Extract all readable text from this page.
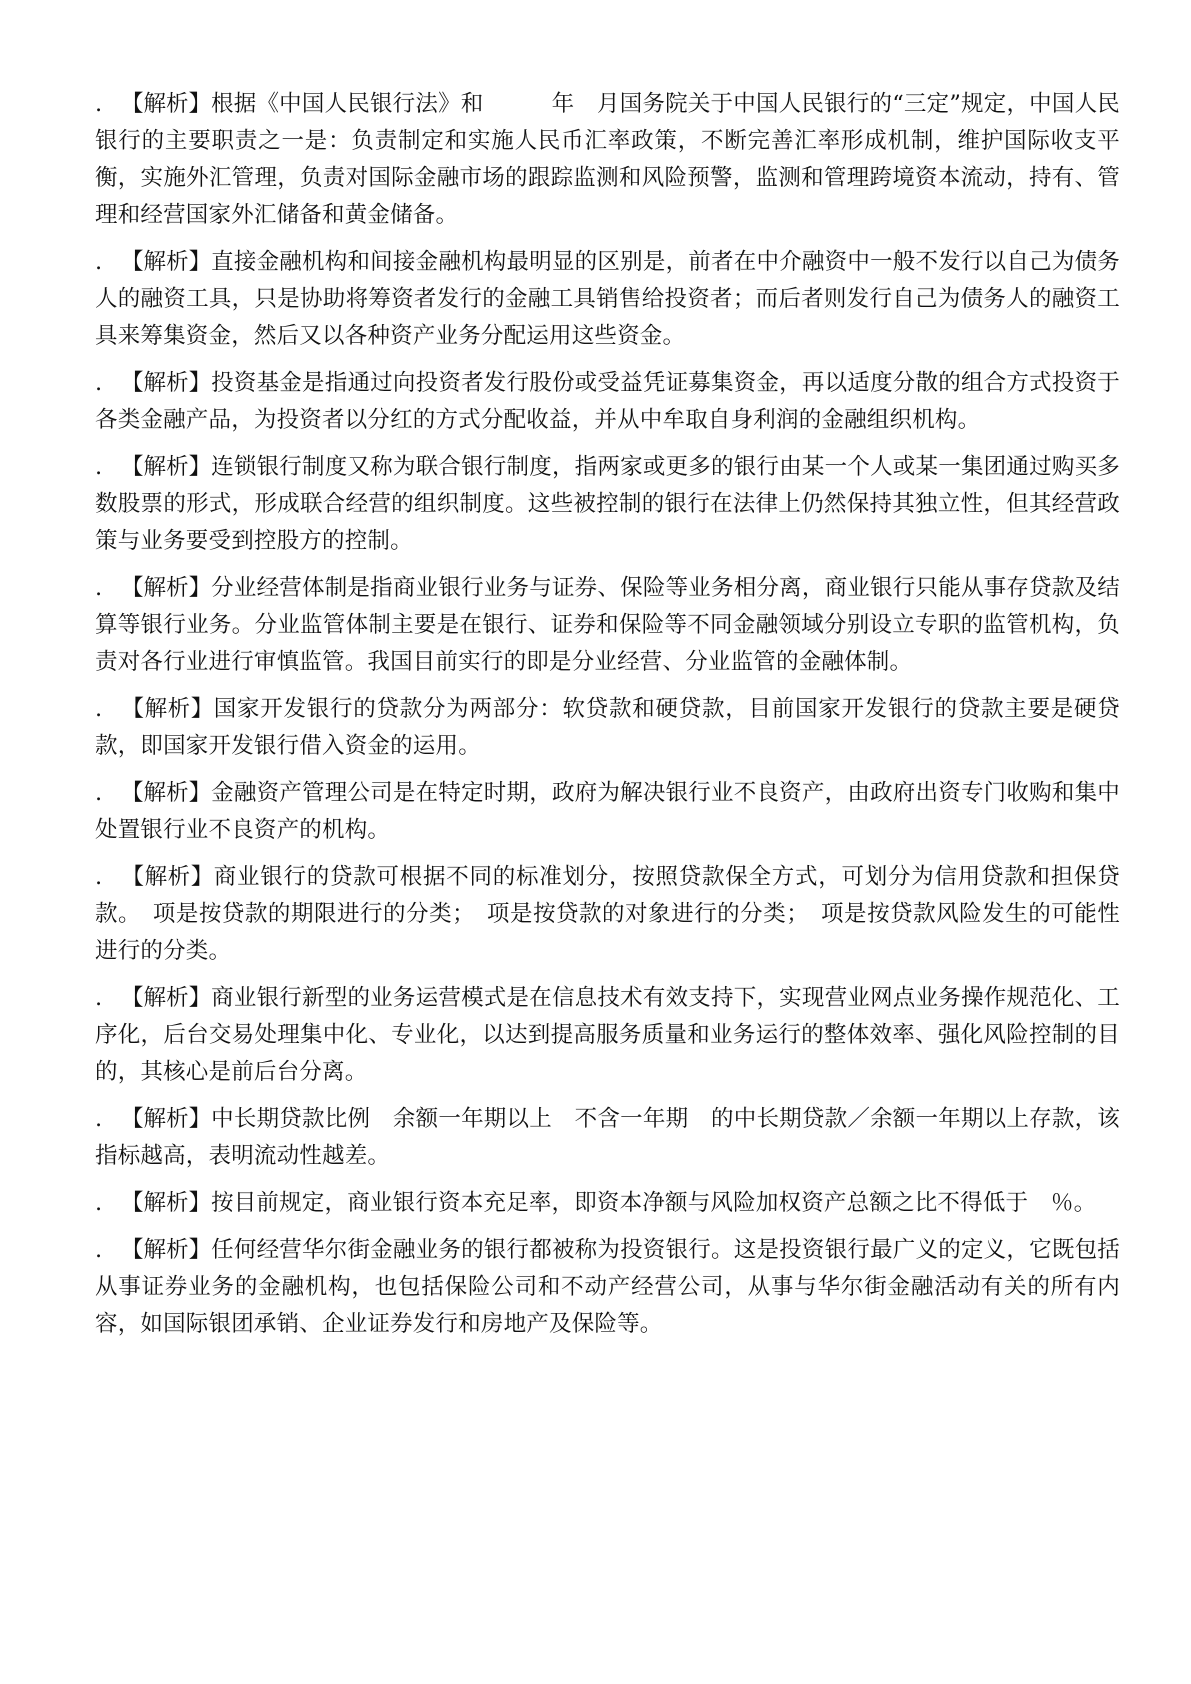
. 【解析】根据《中国人民银行法》和　　　年　月国务院关于中国人民银行的“三定”规定，中国人民银行的主要职责之一是：负责制定和实施人民币汇率政策，不断完善汇率形成机制，维护国际收支平衡，实施外汇管理，负责对国际金融市场的跟踪监测和风险预警，监测和管理跨境资本流动，持有、管理和经营国家外汇储备和黄金储备。

. 【解析】直接金融机构和间接金融机构最明显的区别是，前者在中介融资中一般不发行以自己为债务人的融资工具，只是协助将筹资者发行的金融工具销售给投资者；而后者则发行自己为债务人的融资工具来筹集资金，然后又以各种资产业务分配运用这些资金。

. 【解析】投资基金是指通过向投资者发行股份或受益凭证募集资金，再以适度分散的组合方式投资于各类金融产品，为投资者以分红的方式分配收益，并从中牟取自身利润的金融组织机构。

. 【解析】连锁银行制度又称为联合银行制度，指两家或更多的银行由某一个人或某一集团通过购买多数股票的形式，形成联合经营的组织制度。这些被控制的银行在法律上仍然保持其独立性，但其经营政策与业务要受到控股方的控制。

. 【解析】分业经营体制是指商业银行业务与证券、保险等业务相分离，商业银行只能从事存贷款及结算等银行业务。分业监管体制主要是在银行、证券和保险等不同金融领域分别设立专职的监管机构，负责对各行业进行审慎监管。我国目前实行的即是分业经营、分业监管的金融体制。

. 【解析】国家开发银行的贷款分为两部分：软贷款和硬贷款，目前国家开发银行的贷款主要是硬贷款，即国家开发银行借入资金的运用。

. 【解析】金融资产管理公司是在特定时期，政府为解决银行业不良资产，由政府出资专门收购和集中处置银行业不良资产的机构。

. 【解析】商业银行的贷款可根据不同的标准划分，按照贷款保全方式，可划分为信用贷款和担保贷款。　项是按贷款的期限进行的分类；　项是按贷款的对象进行的分类；　项是按贷款风险发生的可能性进行的分类。

. 【解析】商业银行新型的业务运营模式是在信息技术有效支持下，实现营业网点业务操作规范化、工序化，后台交易处理集中化、专业化，以达到提高服务质量和业务运行的整体效率、强化风险控制的目的，其核心是前后台分离。

. 【解析】中长期贷款比例　余额一年期以上　不含一年期　的中长期贷款／余额一年期以上存款，该指标越高，表明流动性越差。

. 【解析】按目前规定，商业银行资本充足率，即资本净额与风险加权资产总额之比不得低于　％。

. 【解析】任何经营华尔街金融业务的银行都被称为投资银行。这是投资银行最广义的定义，它既包括从事证券业务的金融机构，也包括保险公司和不动产经营公司，从事与华尔街金融活动有关的所有内容，如国际银团承销、企业证券发行和房地产及保险等。
